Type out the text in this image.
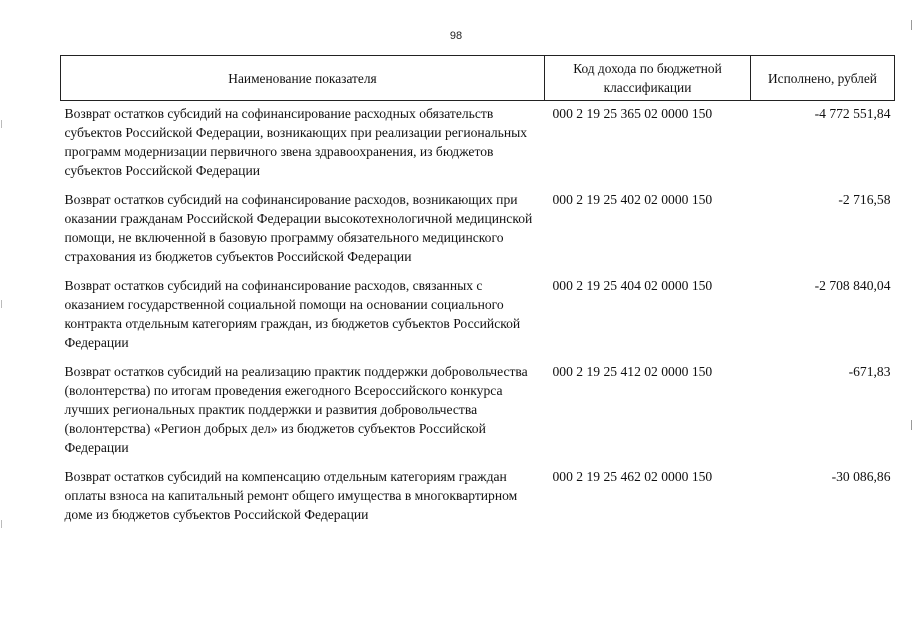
98
Наименование показателя	Код дохода по бюджетной классификации	Исполнено, рублей
Возврат остатков субсидий на софинансирование расходных обязательств субъектов Российской Федерации, возникающих при реализации региональных программ модернизации первичного звена здравоохранения, из бюджетов субъектов Российской Федерации	000 2 19 25 365 02 0000 150	-4 772 551,84
Возврат остатков субсидий на софинансирование расходов, возникающих при оказании гражданам Российской Федерации высокотехнологичной медицинской помощи, не включенной в базовую программу обязательного медицинского страхования из бюджетов субъектов Российской Федерации	000 2 19 25 402 02 0000 150	-2 716,58
Возврат остатков субсидий на софинансирование расходов, связанных с оказанием государственной социальной помощи на основании социального контракта отдельным категориям граждан, из бюджетов субъектов Российской Федерации	000 2 19 25 404 02 0000 150	-2 708 840,04
Возврат остатков субсидий на реализацию практик поддержки добровольчества (волонтерства) по итогам проведения ежегодного Всероссийского конкурса лучших региональных практик поддержки и развития добровольчества (волонтерства) «Регион добрых дел» из бюджетов субъектов Российской Федерации	000 2 19 25 412 02 0000 150	-671,83
Возврат остатков субсидий на компенсацию отдельным категориям граждан оплаты взноса на капитальный ремонт общего имущества в многоквартирном доме из бюджетов субъектов Российской Федерации	000 2 19 25 462 02 0000 150	-30 086,86
